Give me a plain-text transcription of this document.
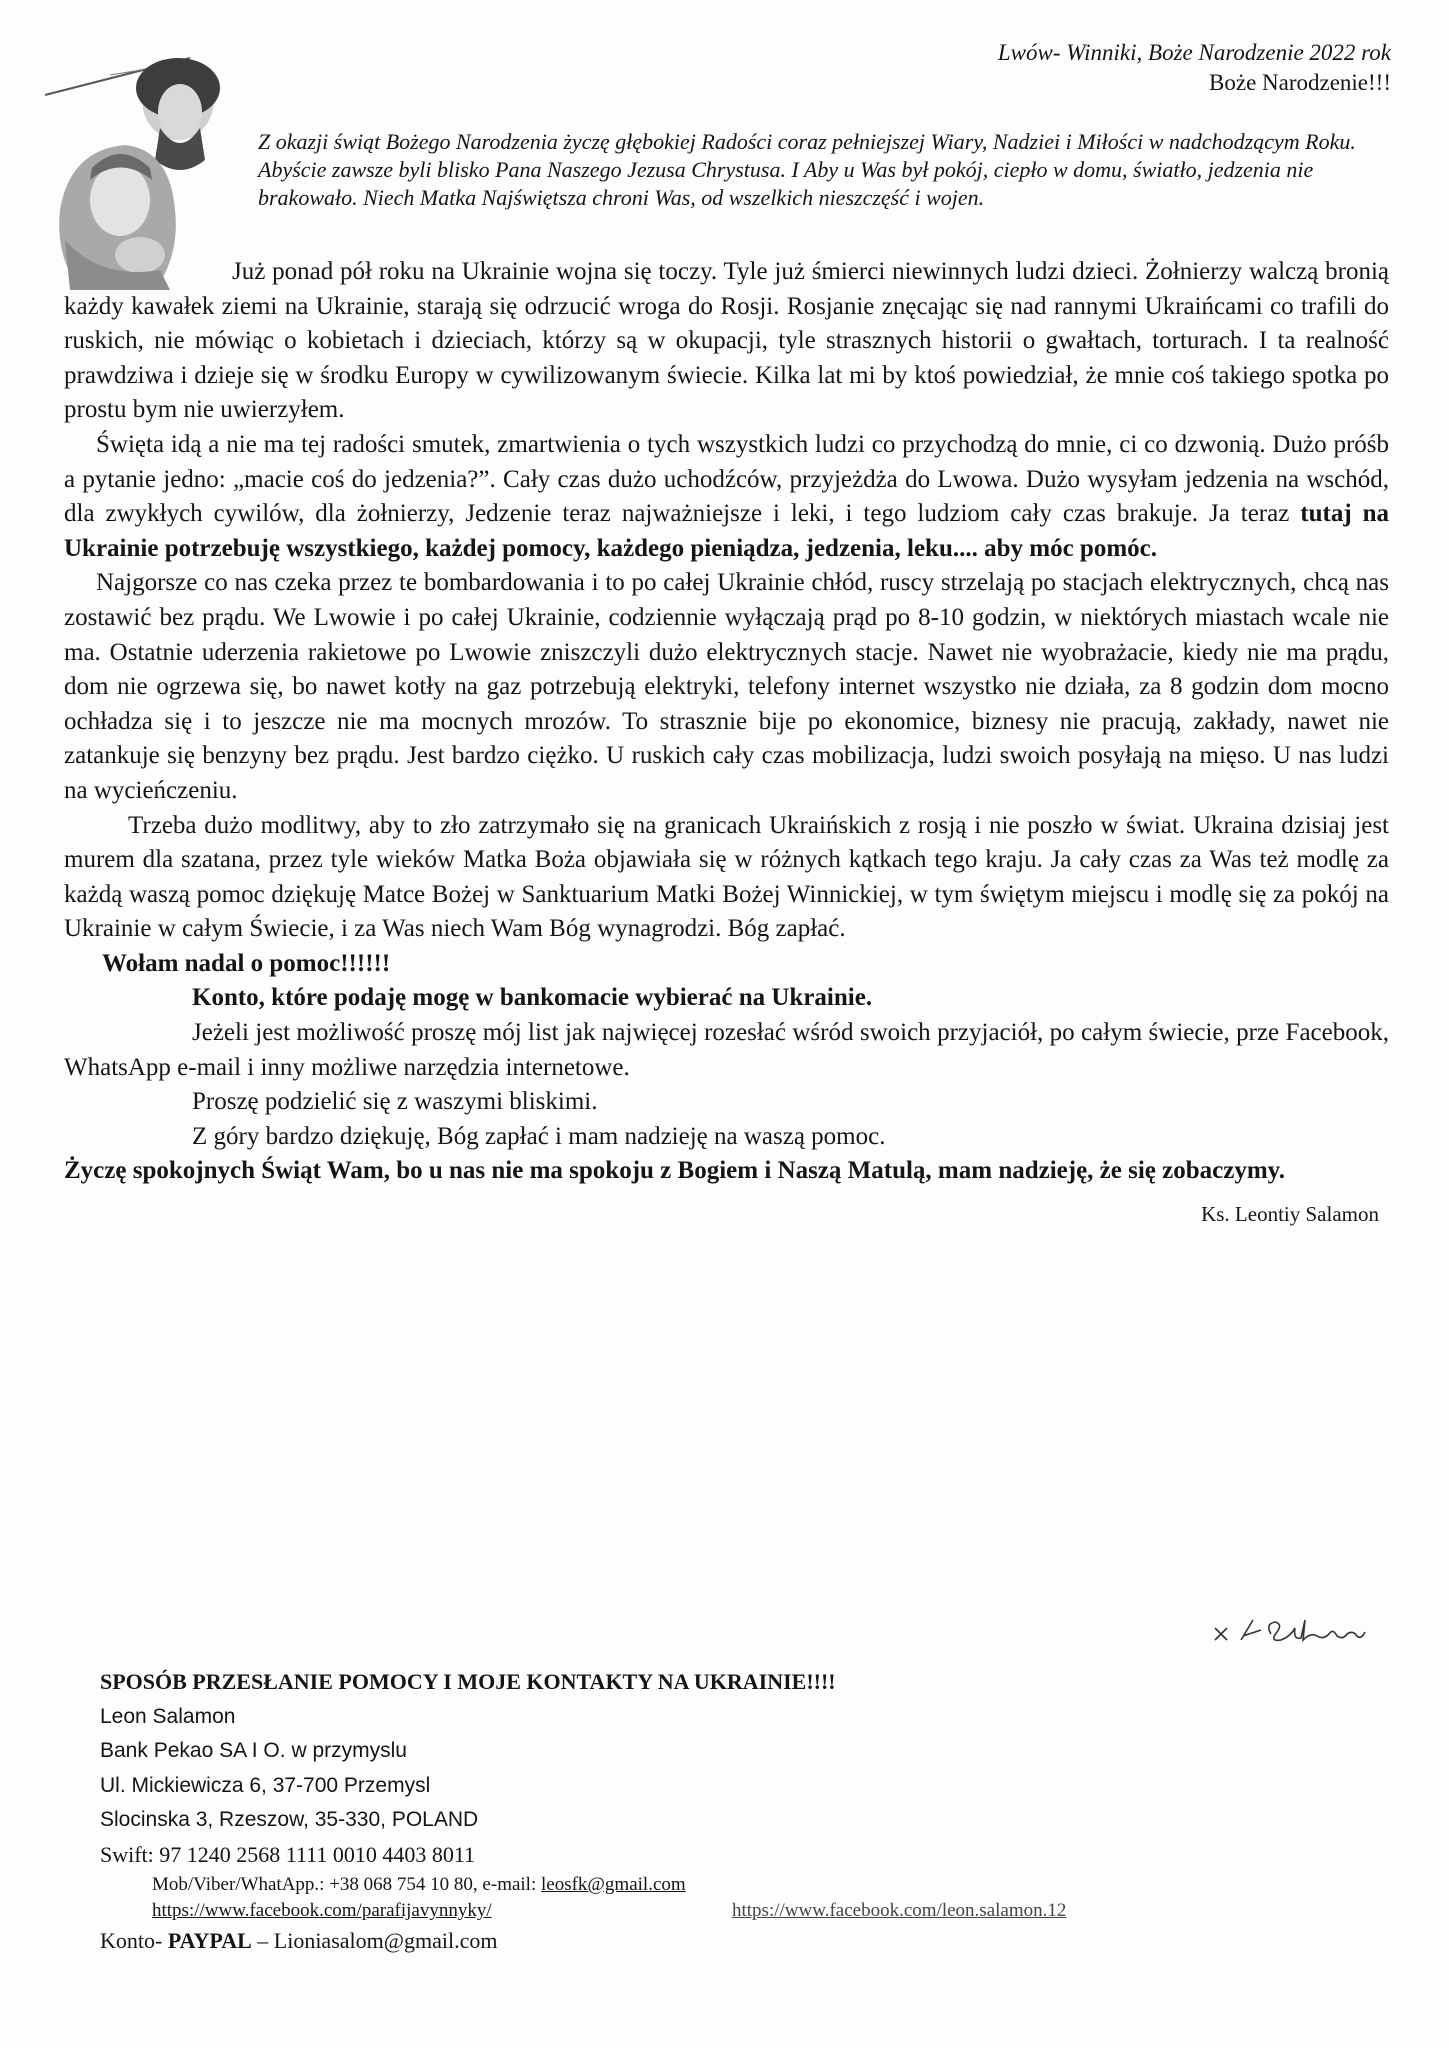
Lwów- Winniki, Boże Narodzenie 2022 rok
Boże Narodzenie!!!

Z okazji świąt Bożego Narodzenia życzę głębokiej Radości coraz pełniejszej Wiary, Nadziei i Miłości w nadchodzącym Roku. Abyście zawsze byli blisko Pana Naszego Jezusa Chrystusa. I Aby u Was był pokój, ciepło w domu, światło, jedzenia nie brakowało. Niech Matka Najświętsza chroni Was, od wszelkich nieszczęść i wojen.

Już ponad pół roku na Ukrainie wojna się toczy. Tyle już śmierci niewinnych ludzi dzieci. Żołnierzy walczą bronią każdy kawałek ziemi na Ukrainie, starają się odrzucić wroga do Rosji. Rosjanie znęcając się nad rannymi Ukraińcami co trafili do ruskich, nie mówiąc o kobietach i dzieciach, którzy są w okupacji, tyle strasznych historii o gwałtach, torturach. I ta realność prawdziwa i dzieje się w środku Europy w cywilizowanym świecie. Kilka lat mi by ktoś powiedział, że mnie coś takiego spotka po prostu bym nie uwierzyłem.

Święta idą a nie ma tej radości smutek, zmartwienia o tych wszystkich ludzi co przychodzą do mnie, ci co dzwonią. Dużo próśb a pytanie jedno: „macie coś do jedzenia?”. Cały czas dużo uchodźców, przyjeżdża do Lwowa. Dużo wysyłam jedzenia na wschód, dla zwykłych cywilów, dla żołnierzy, Jedzenie teraz najważniejsze i leki, i tego ludziom cały czas brakuje. Ja teraz tutaj na Ukrainie potrzebuję wszystkiego, każdej pomocy, każdego pieniądza, jedzenia, leku.... aby móc pomóc.

Najgorsze co nas czeka przez te bombardowania i to po całej Ukrainie chłód, ruscy strzelają po stacjach elektrycznych, chcą nas zostawić bez prądu. We Lwowie i po całej Ukrainie, codziennie wyłączają prąd po 8-10 godzin, w niektórych miastach wcale nie ma. Ostatnie uderzenia rakietowe po Lwowie zniszczyli dużo elektrycznych stacje. Nawet nie wyobrażacie, kiedy nie ma prądu, dom nie ogrzewa się, bo nawet kotły na gaz potrzebują elektryki, telefony internet wszystko nie działa, za 8 godzin dom mocno ochładza się i to jeszcze nie ma mocnych mrozów. To strasznie bije po ekonomice, biznesy nie pracują, zakłady, nawet nie zatankuje się benzyny bez prądu. Jest bardzo ciężko. U ruskich cały czas mobilizacja, ludzi swoich posyłają na mięso. U nas ludzi na wycieńczeniu.

Trzeba dużo modlitwy, aby to zło zatrzymało się na granicach Ukraińskich z rosją i nie poszło w świat. Ukraina dzisiaj jest murem dla szatana, przez tyle wieków Matka Boża objawiała się w różnych kątkach tego kraju. Ja cały czas za Was też modlę za każdą waszą pomoc dziękuję Matce Bożej w Sanktuarium Matki Bożej Winnickiej, w tym świętym miejscu i modlę się za pokój na Ukrainie w całym Świecie, i za Was niech Wam Bóg wynagrodzi. Bóg zapłać.

Wołam nadal o pomoc!!!!!!

Konto, które podaję mogę w bankomacie wybierać na Ukrainie.

Jeżeli jest możliwość proszę mój list jak najwięcej rozesłać wśród swoich przyjaciół, po całym świecie, prze Facebook, WhatsApp e-mail i inny możliwe narzędzia internetowe.

Proszę podzielić się z waszymi bliskimi.

Z góry bardzo dziękuję, Bóg zapłać i mam nadzieję na waszą pomoc.

Życzę spokojnych Świąt Wam, bo u nas nie ma spokoju z Bogiem i Naszą Matulą, mam nadzieję, że się zobaczymy.

Ks. Leontiy Salamon
SPOSÓB PRZESŁANIE POMOCY I MOJE KONTAKTY NA UKRAINIE!!!!
Leon Salamon
Bank Pekao SA I O. w przymyslu
Ul. Mickiewicza 6, 37-700 Przemysl
Slocinska 3, Rzeszow, 35-330, POLAND
Swift: 97 1240 2568 1111 0010 4403 8011
Mob/Viber/WhatApp.: +38 068 754 10 80, e-mail: leosfk@gmail.com
https://www.facebook.com/parafijavynnyky/	https://www.facebook.com/leon.salamon.12
Konto- PAYPAL – Lioniasalom@gmail.com
